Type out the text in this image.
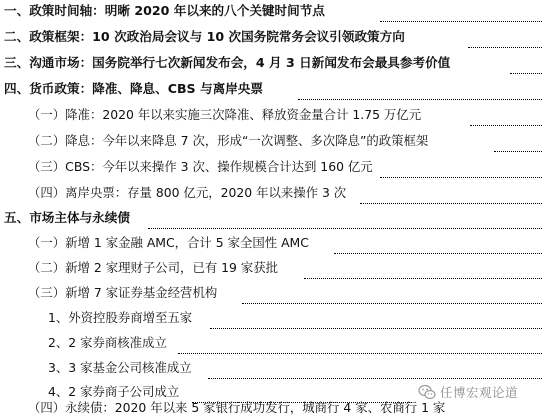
一、政策时间轴：明晰 2020 年以来的八个关键时间节点
二、政策框架：10 次政治局会议与 10 次国务院常务会议引领政策方向
三、沟通市场：国务院举行七次新闻发布会，4 月 3 日新闻发布会最具参考价值
四、货币政策：降准、降息、CBS 与离岸央票
（一）降准：2020 年以来实施三次降准、释放资金量合计 1.75 万亿元
（二）降息：今年以来降息 7 次，形成“一次调整、多次降息”的政策框架
（三）CBS：今年以来操作 3 次、操作规模合计达到 160 亿元
（四）离岸央票：存量 800 亿元，2020 年以来操作 3 次
五、市场主体与永续债
（一）新增 1 家金融 AMC，合计 5 家全国性 AMC
（二）新增 2 家理财子公司，已有 19 家获批
（三）新增 7 家证券基金经营机构
1、外资控股券商增至五家
2、2 家券商核准成立
3、3 家基金公司核准成立
4、2 家券商子公司成立
（四）永续债：2020 年以来 5 家银行成功发行，城商行 4 家、农商行 1 家
任博宏观论道
